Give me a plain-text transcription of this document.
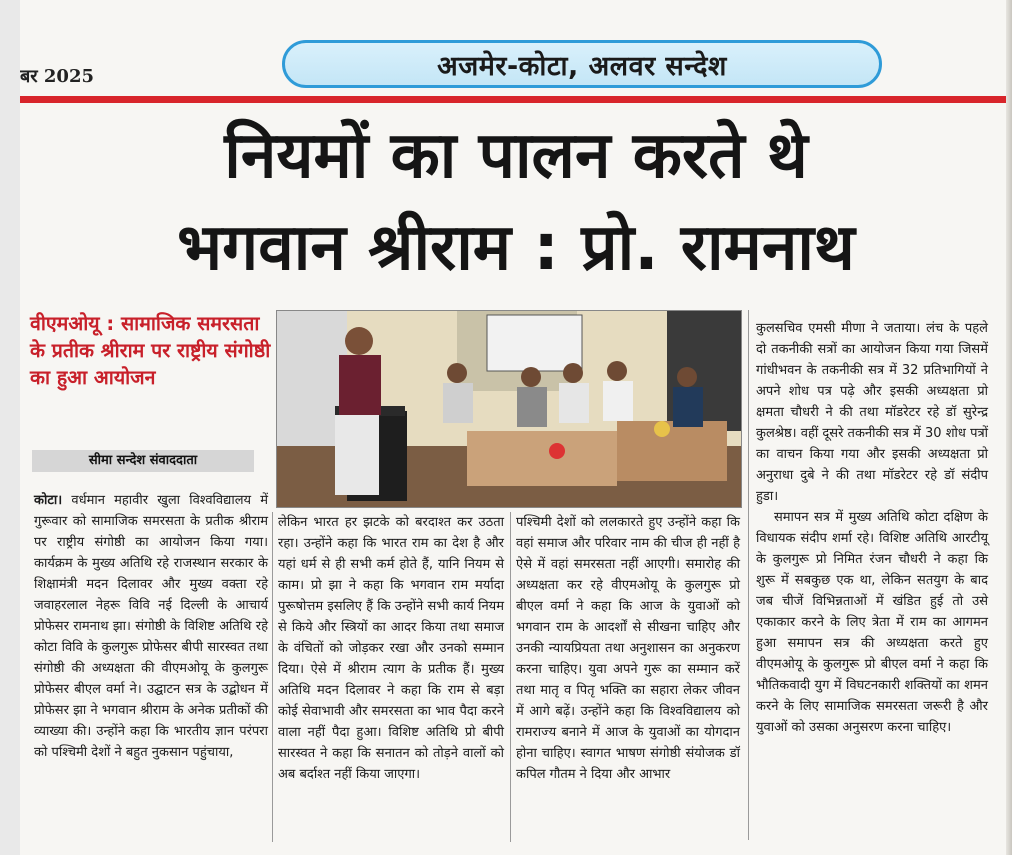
बर 2025	अजमेर-कोटा, अलवर सन्देश
नियमों का पालन करते थे
भगवान श्रीराम : प्रो. रामनाथ
वीएमओयू : सामाजिक समरसता के प्रतीक श्रीराम पर राष्ट्रीय संगोष्ठी का हुआ आयोजन
सीमा सन्देश संवाददाता

कोटा। वर्धमान महावीर खुला विश्वविद्यालय में गुरूवार को सामाजिक समरसता के प्रतीक श्रीराम पर राष्ट्रीय संगोष्ठी का आयोजन किया गया। कार्यक्रम के मुख्य अतिथि रहे राजस्थान सरकार के शिक्षामंत्री मदन दिलावर और मुख्य वक्ता रहे जवाहरलाल नेहरू विवि नई दिल्ली के आचार्य प्रोफेसर रामनाथ झा। संगोष्ठी के विशिष्ट अतिथि रहे कोटा विवि के कुलगुरू प्रोफेसर बीपी सारस्वत तथा संगोष्ठी की अध्यक्षता की वीएमओयू के कुलगुरू प्रोफेसर बीएल वर्मा ने। उद्घाटन सत्र के उद्बोधन में प्रोफेसर झा ने भगवान श्रीराम के अनेक प्रतीकों की व्याख्या की। उन्होंने कहा कि भारतीय ज्ञान परंपरा को पश्चिमी देशों ने बहुत नुकसान पहुंचाया,

लेकिन भारत हर झटके को बरदाश्त कर उठता रहा। उन्होंने कहा कि भारत राम का देश है और यहां धर्म से ही सभी कर्म होते हैं, यानि नियम से काम। प्रो झा ने कहा कि भगवान राम मर्यादा पुरूषोत्तम इसलिए हैं कि उन्होंने सभी कार्य नियम से किये और स्त्रियों का आदर किया तथा समाज के वंचितों को जोड़कर रखा और उनको सम्मान दिया। ऐसे में श्रीराम त्याग के प्रतीक हैं। मुख्य अतिथि मदन दिलावर ने कहा कि राम से बड़ा कोई सेवाभावी और समरसता का भाव पैदा करने वाला नहीं पैदा हुआ। विशिष्ट अतिथि प्रो बीपी सारस्वत ने कहा कि सनातन को तोड़ने वालों को अब बर्दाश्त नहीं किया जाएगा।

पश्चिमी देशों को ललकारते हुए उन्होंने कहा कि वहां समाज और परिवार नाम की चीज ही नहीं है ऐसे में वहां समरसता नहीं आएगी। समारोह की अध्यक्षता कर रहे वीएमओयू के कुलगुरू प्रो बीएल वर्मा ने कहा कि आज के युवाओं को भगवान राम के आदर्शों से सीखना चाहिए और उनकी न्यायप्रियता तथा अनुशासन का अनुकरण करना चाहिए। युवा अपने गुरू का सम्मान करें तथा मातृ व पितृ भक्ति का सहारा लेकर जीवन में आगे बढ़ें। उन्होंने कहा कि विश्वविद्यालय को रामराज्य बनाने में आज के युवाओं का योगदान होना चाहिए। स्वागत भाषण संगोष्ठी संयोजक डॉ कपिल गौतम ने दिया और आभार

कुलसचिव एमसी मीणा ने जताया। लंच के पहले दो तकनीकी सत्रों का आयोजन किया गया जिसमें गांधीभवन के तकनीकी सत्र में 32 प्रतिभागियों ने अपने शोध पत्र पढ़े और इसकी अध्यक्षता प्रो क्षमता चौधरी ने की तथा मॉडरेटर रहे डॉ सुरेन्द्र कुलश्रेष्ठ। वहीं दूसरे तकनीकी सत्र में 30 शोध पत्रों का वाचन किया गया और इसकी अध्यक्षता प्रो अनुराधा दुबे ने की तथा मॉडरेटर रहे डॉ संदीप हुडा।

समापन सत्र में मुख्य अतिथि कोटा दक्षिण के विधायक संदीप शर्मा रहे। विशिष्ट अतिथि आरटीयू के कुलगुरू प्रो निमित रंजन चौधरी ने कहा कि शुरू में सबकुछ एक था, लेकिन सतयुग के बाद जब चीजें विभिन्नताओं में खंडित हुई तो उसे एकाकार करने के लिए त्रेता में राम का आगमन हुआ समापन सत्र की अध्यक्षता करते हुए वीएमओयू के कुलगुरू प्रो बीएल वर्मा ने कहा कि भौतिकवादी युग में विघटनकारी शक्तियों का शमन करने के लिए सामाजिक समरसता जरूरी है और युवाओं को उसका अनुसरण करना चाहिए।
